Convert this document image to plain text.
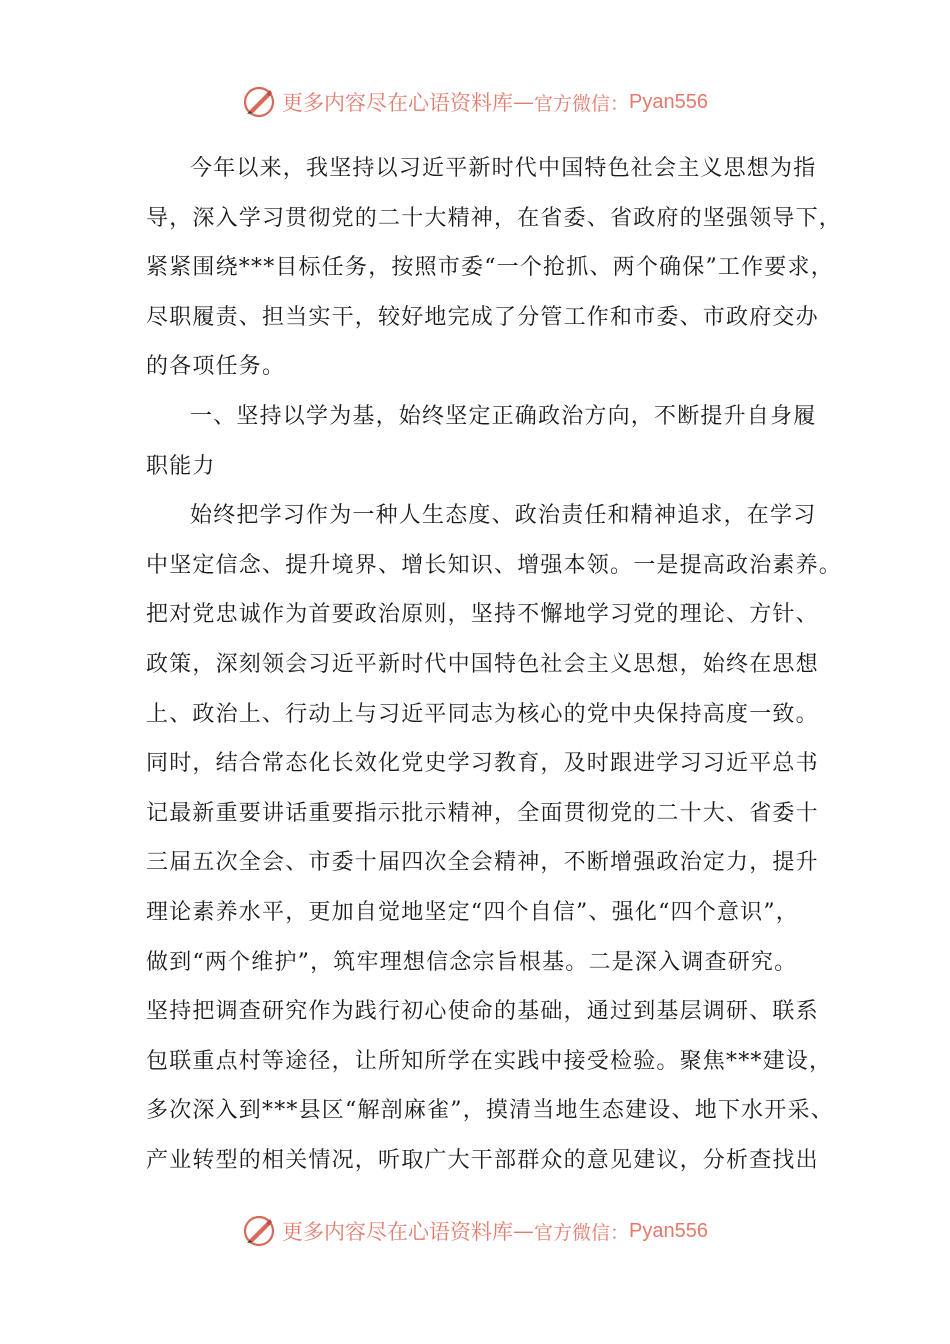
更多内容尽在心语资料库 — 官方微信： Pyan556
今年以来，我坚持以习近平新时代中国特色社会主义思想为指
导，深入学习贯彻党的二十大精神，在省委、省政府的坚强领导下，
紧紧围绕***目标任务，按照市委“一个抢抓、两个确保”工作要求，
尽职履责、担当实干，较好地完成了分管工作和市委、市政府交办
的各项任务。
一、坚持以学为基，始终坚定正确政治方向，不断提升自身履
职能力
始终把学习作为一种人生态度、政治责任和精神追求，在学习
中坚定信念、提升境界、增长知识、增强本领。一是提高政治素养。
把对党忠诚作为首要政治原则，坚持不懈地学习党的理论、方针、
政策，深刻领会习近平新时代中国特色社会主义思想，始终在思想
上、政治上、行动上与习近平同志为核心的党中央保持高度一致。
同时，结合常态化长效化党史学习教育，及时跟进学习习近平总书
记最新重要讲话重要指示批示精神，全面贯彻党的二十大、省委十
三届五次全会、市委十届四次全会精神，不断增强政治定力，提升
理论素养水平，更加自觉地坚定“四个自信”、强化“四个意识”，
做到“两个维护”，筑牢理想信念宗旨根基。二是深入调查研究。
坚持把调查研究作为践行初心使命的基础，通过到基层调研、联系
包联重点村等途径，让所知所学在实践中接受检验。聚焦***建设，
多次深入到***县区“解剖麻雀”，摸清当地生态建设、地下水开采、
产业转型的相关情况，听取广大干部群众的意见建议，分析查找出
更多内容尽在心语资料库 — 官方微信： Pyan556
